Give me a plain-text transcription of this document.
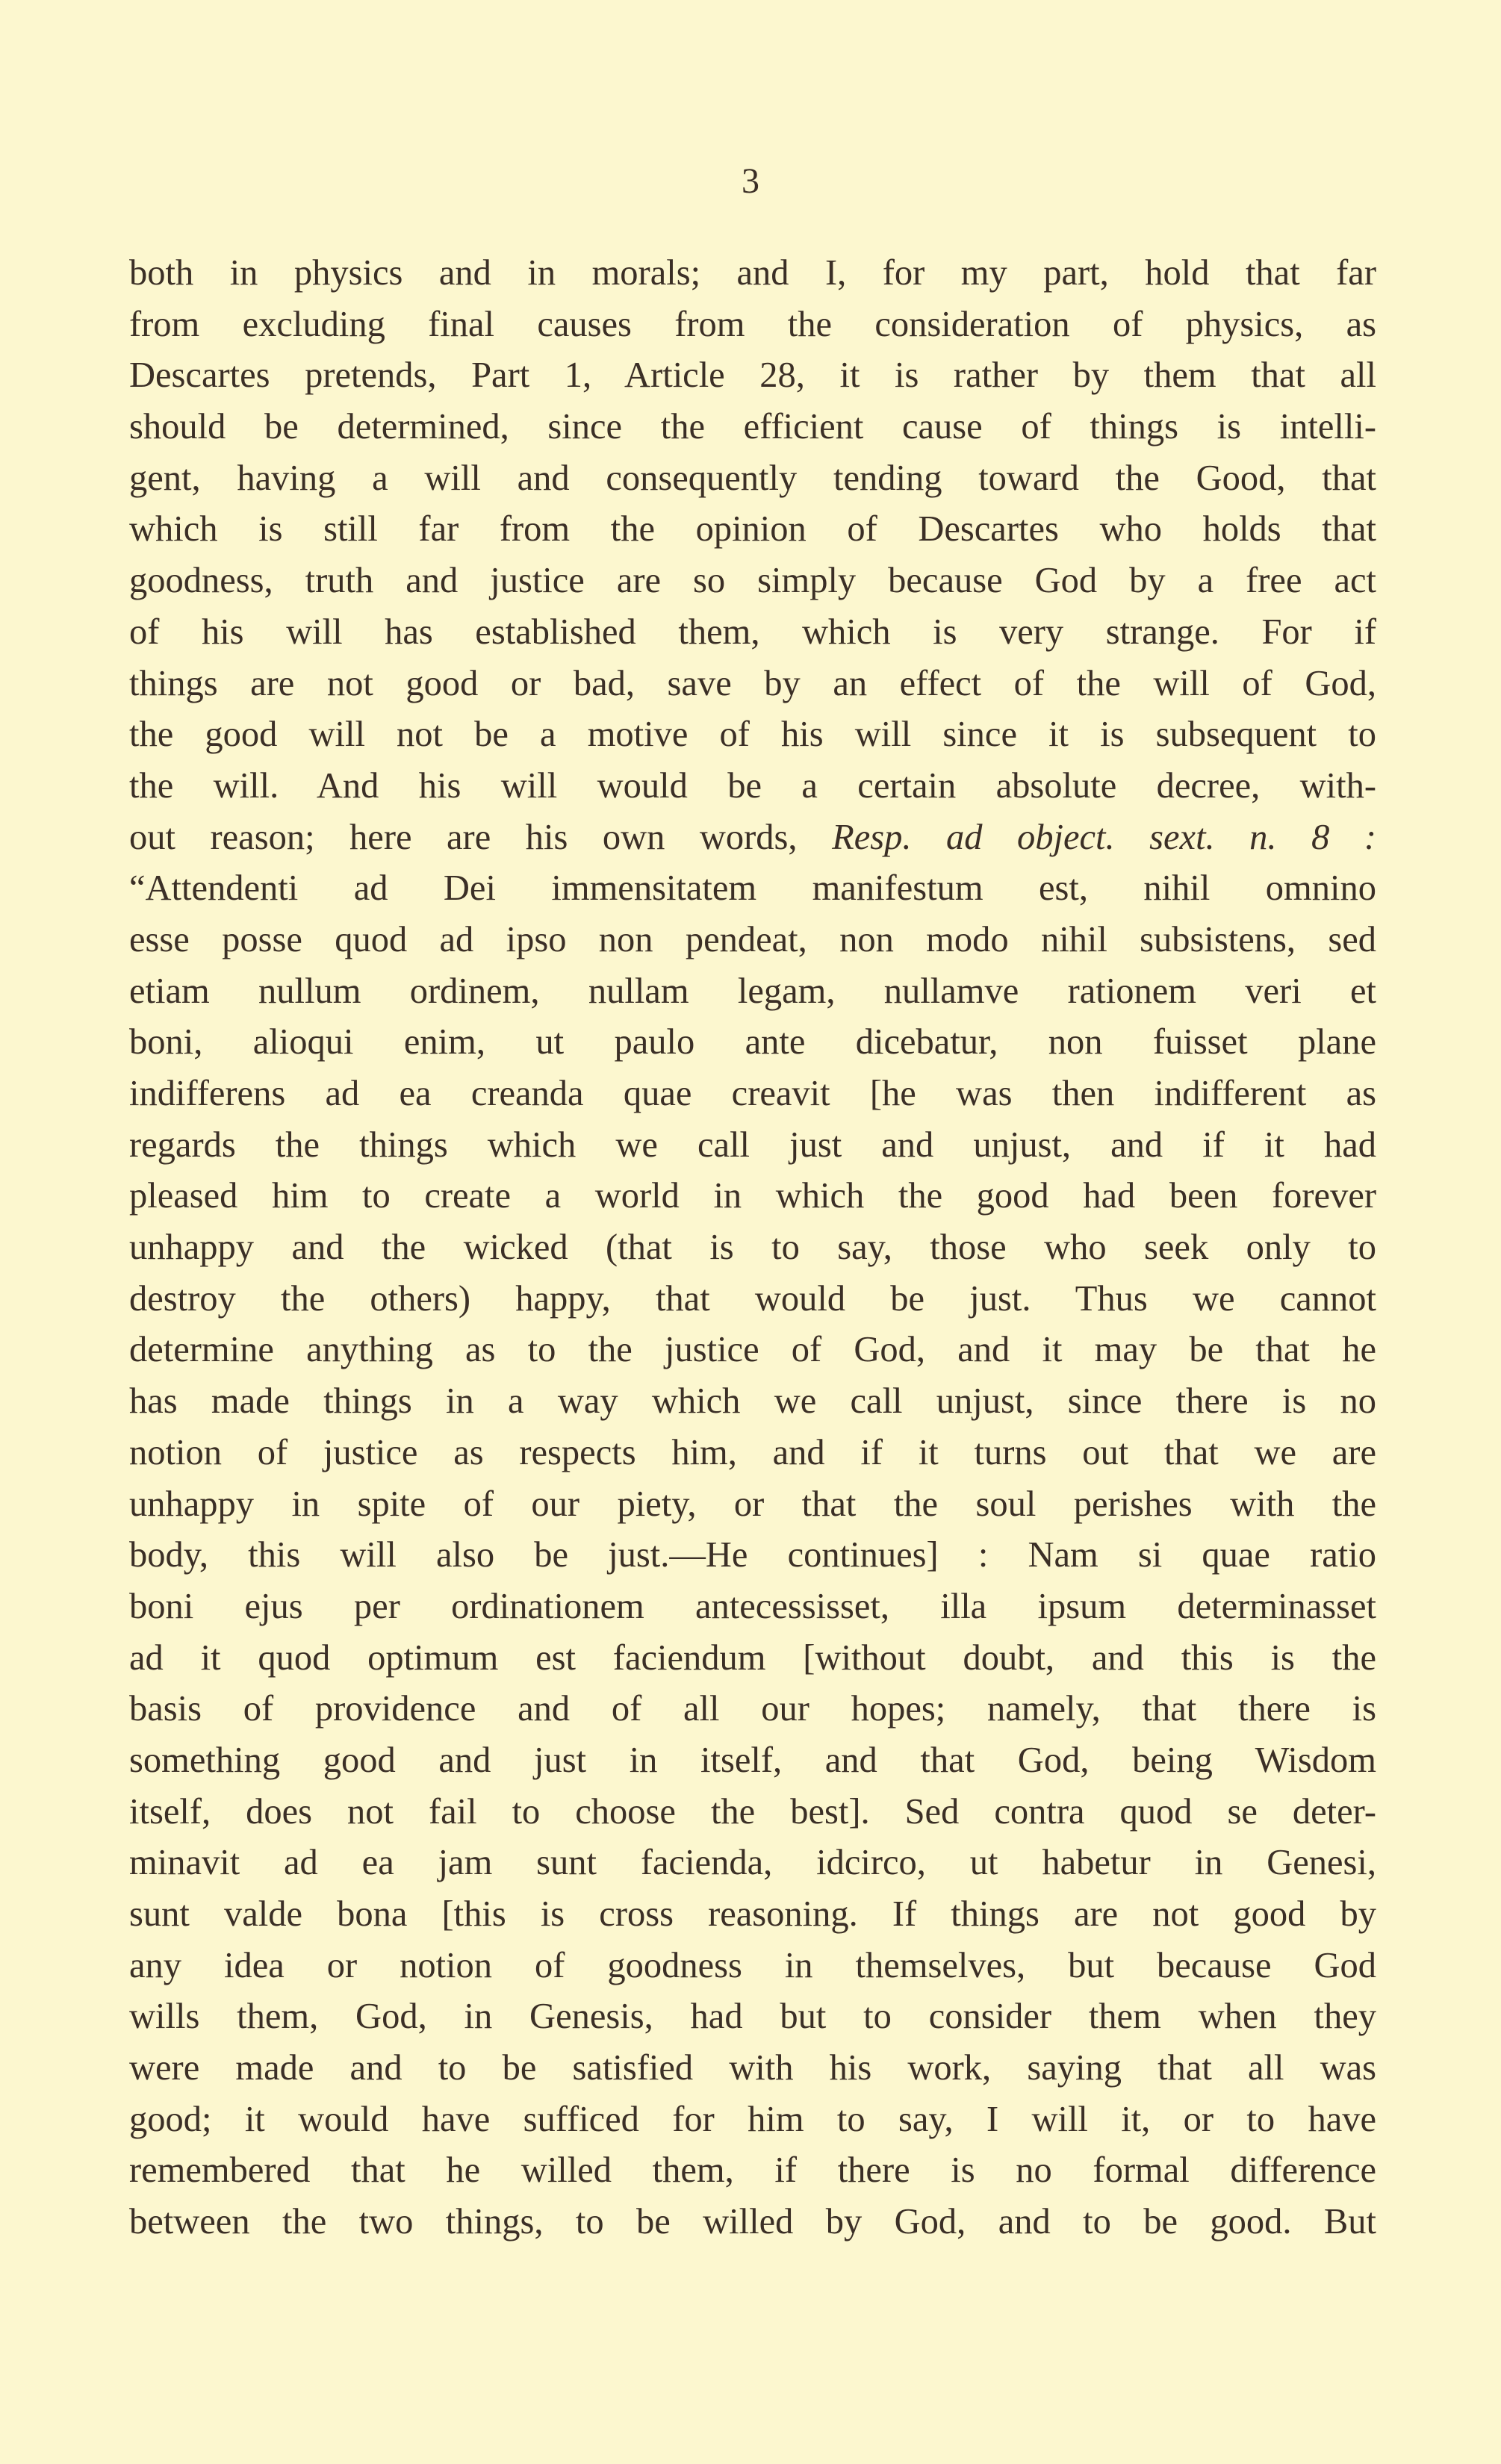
3
both in physics and in morals; and I, for my part, hold that far
from excluding final causes from the consideration of physics, as
Descartes pretends, Part 1, Article 28, it is rather by them that all
should be determined, since the efficient cause of things is intelli-
gent, having a will and consequently tending toward the Good, that
which is still far from the opinion of Descartes who holds that
goodness, truth and justice are so simply because God by a free act
of his will has established them, which is very strange. For if
things are not good or bad, save by an effect of the will of God,
the good will not be a motive of his will since it is subsequent to
the will. And his will would be a certain absolute decree, with-
out reason; here are his own words, Resp. ad object. sext. n. 8 :
“Attendenti ad Dei immensitatem manifestum est, nihil omnino
esse posse quod ad ipso non pendeat, non modo nihil subsistens, sed
etiam nullum ordinem, nullam legam, nullamve rationem veri et
boni, alioqui enim, ut paulo ante dicebatur, non fuisset plane
indifferens ad ea creanda quae creavit [he was then indifferent as
regards the things which we call just and unjust, and if it had
pleased him to create a world in which the good had been forever
unhappy and the wicked (that is to say, those who seek only to
destroy the others) happy, that would be just. Thus we cannot
determine anything as to the justice of God, and it may be that he
has made things in a way which we call unjust, since there is no
notion of justice as respects him, and if it turns out that we are
unhappy in spite of our piety, or that the soul perishes with the
body, this will also be just.—He continues] : Nam si quae ratio
boni ejus per ordinationem antecessisset, illa ipsum determinasset
ad it quod optimum est faciendum [without doubt, and this is the
basis of providence and of all our hopes; namely, that there is
something good and just in itself, and that God, being Wisdom
itself, does not fail to choose the best]. Sed contra quod se deter-
minavit ad ea jam sunt facienda, idcirco, ut habetur in Genesi,
sunt valde bona [this is cross reasoning. If things are not good by
any idea or notion of goodness in themselves, but because God
wills them, God, in Genesis, had but to consider them when they
were made and to be satisfied with his work, saying that all was
good; it would have sufficed for him to say, I will it, or to have
remembered that he willed them, if there is no formal difference
between the two things, to be willed by God, and to be good. But
